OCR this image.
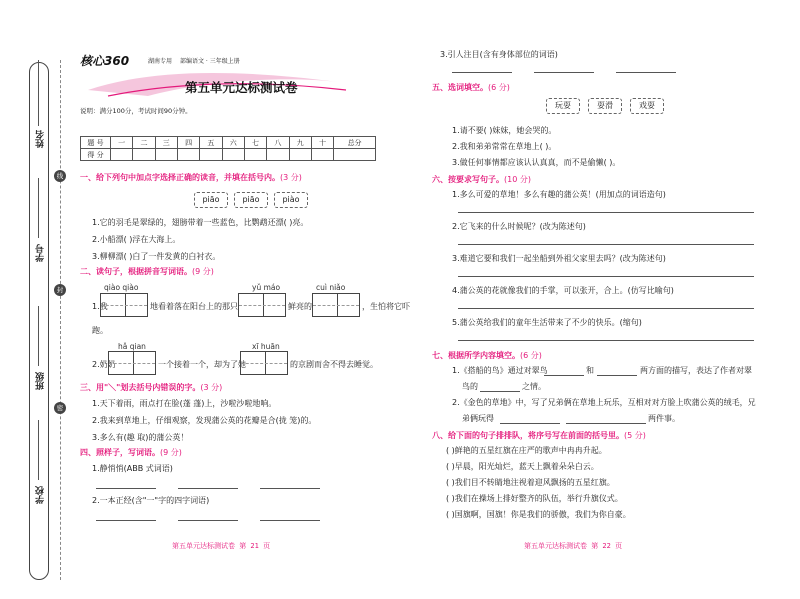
姓名
学号
班级
学校
线
封
密
核心360	湖南专用 部编语文 · 三年级上册
第五单元达标测试卷
说明：满分100分，考试时间90分钟。
题 号	一	二	三	四	五	六	七	八	九	十	总分
得 分											
一、给下列句中加点字选择正确的读音，并填在括号内。(3 分)
piāo	piāo	piào
1.它的羽毛是翠绿的，翅膀带着一些蓝色，比鹦鹉还漂( )亮。
2.小船漂( )浮在大海上。
3.柳柳漂( )白了一件发黄的白衬衣。
二、读句子，根据拼音写词语。(9 分)
qiào qiào	yǔ máo	cuì niǎo
1.我	地看着落在阳台上的那只	鲜亮的	，生怕将它吓
跑。
hǎ qian	xī huān
2.奶奶	一个接着一个，却为了她	的京剧而舍不得去睡觉。
三、用"＼"划去括号内错误的字。(3 分)
1.天下着雨，雨点打在脸(蓬 蓬)上，沙啦沙啦地响。
2.我来到草地上，仔细观察，发现蒲公英的花瓣是合(拢 笼)的。
3.多么有(趣 取)的蒲公英！
四、照样子，写词语。(9 分)
1.静悄悄(ABB 式词语)
2.一本正经(含"一"字的四字词语)
第五单元达标测试卷 第 21 页
3.引人注目(含有身体部位的词语)
五、选词填空。(6 分)
玩耍	耍滑	戏耍
1.请不要( )妹妹，她会哭的。
2.我和弟弟常常在草地上( )。
3.做任何事情都应该认认真真，而不是偷懒( )。
六、按要求写句子。(10 分)
1.多么可爱的草地！多么有趣的蒲公英！(用加点的词语造句)
2.它飞来的什么时候呢？(改为陈述句)
3.难道它要和我们一起坐船到外祖父家里去吗？(改为陈述句)
4.蒲公英的花就像我们的手掌，可以张开，合上。(仿写比喻句)
5.蒲公英给我们的童年生活带来了不少的快乐。(缩句)
七、根据所学内容填空。(6 分)
1.《搭船的鸟》通过对翠鸟	和	两方面的描写，表达了作者对翠
鸟的	之情。
2.《金色的草地》中，写了兄弟俩在草地上玩乐，互相对对方脸上吹蒲公英的绒毛，兄
弟俩玩得	两件事。
八、给下面的句子排排队，将序号写在前面的括号里。(5 分)
( )鲜艳的五星红旗在庄严的歌声中冉冉升起。
( )早晨，阳光灿烂，蓝天上飘着朵朵白云。
( )我们目不转睛地注视着迎风飘扬的五星红旗。
( )我们在操场上排好整齐的队伍，举行升旗仪式。
( )国旗啊，国旗！你是我们的骄傲，我们为你自豪。
第五单元达标测试卷 第 22 页
